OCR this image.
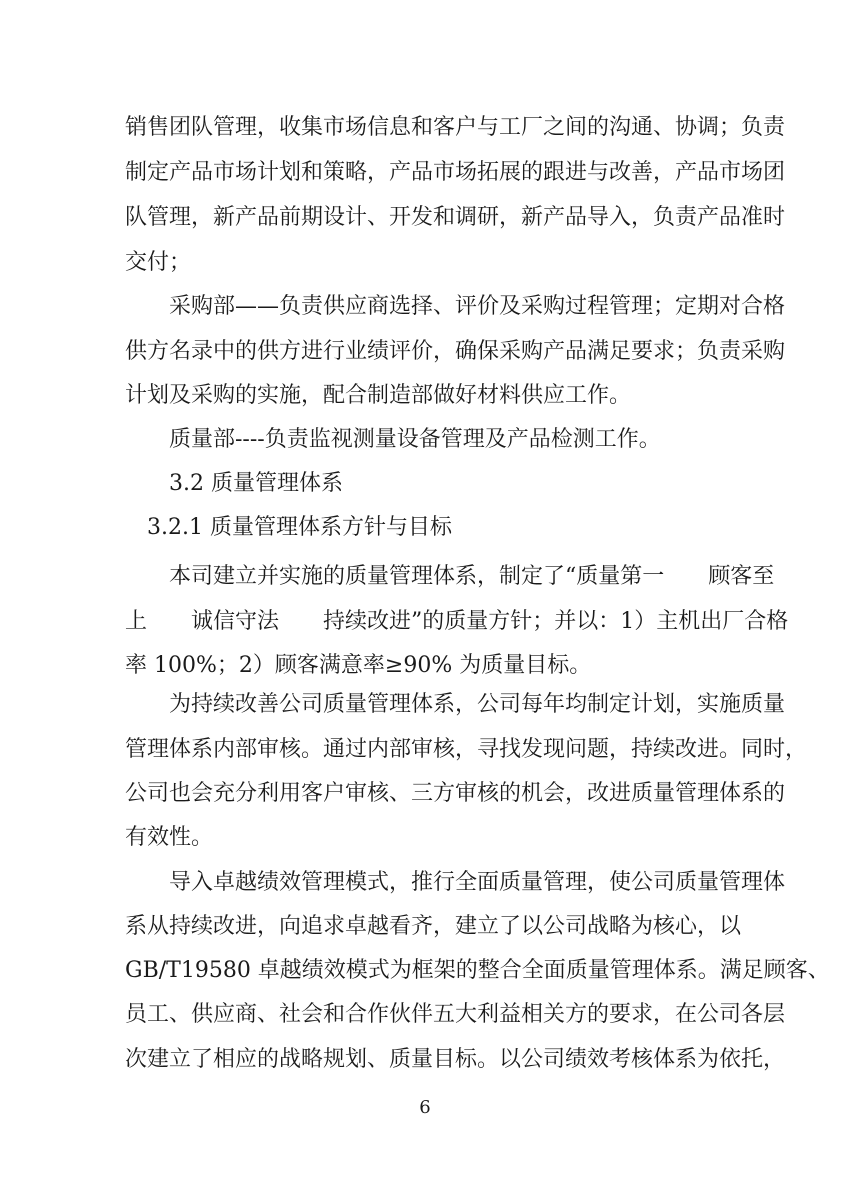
销售团队管理，收集市场信息和客户与工厂之间的沟通、协调；负责
制定产品市场计划和策略，产品市场拓展的跟进与改善，产品市场团
队管理，新产品前期设计、开发和调研，新产品导入，负责产品准时
交付；
　　采购部——负责供应商选择、评价及采购过程管理；定期对合格
供方名录中的供方进行业绩评价，确保采购产品满足要求；负责采购
计划及采购的实施，配合制造部做好材料供应工作。
　　质量部----负责监视测量设备管理及产品检测工作。
　　3.2 质量管理体系
　3.2.1 质量管理体系方针与目标
　　本司建立并实施的质量管理体系，制定了“质量第一　　顾客至
上　　诚信守法　　持续改进”的质量方针；并以：1）主机出厂合格
率 100%；2）顾客满意率≥90% 为质量目标。
　　为持续改善公司质量管理体系，公司每年均制定计划，实施质量
管理体系内部审核。通过内部审核，寻找发现问题，持续改进。同时，
公司也会充分利用客户审核、三方审核的机会，改进质量管理体系的
有效性。
　　导入卓越绩效管理模式，推行全面质量管理，使公司质量管理体
系从持续改进，向追求卓越看齐，建立了以公司战略为核心，以
GB/T19580 卓越绩效模式为框架的整合全面质量管理体系。满足顾客、
员工、供应商、社会和合作伙伴五大利益相关方的要求，在公司各层
次建立了相应的战略规划、质量目标。以公司绩效考核体系为依托，
6
